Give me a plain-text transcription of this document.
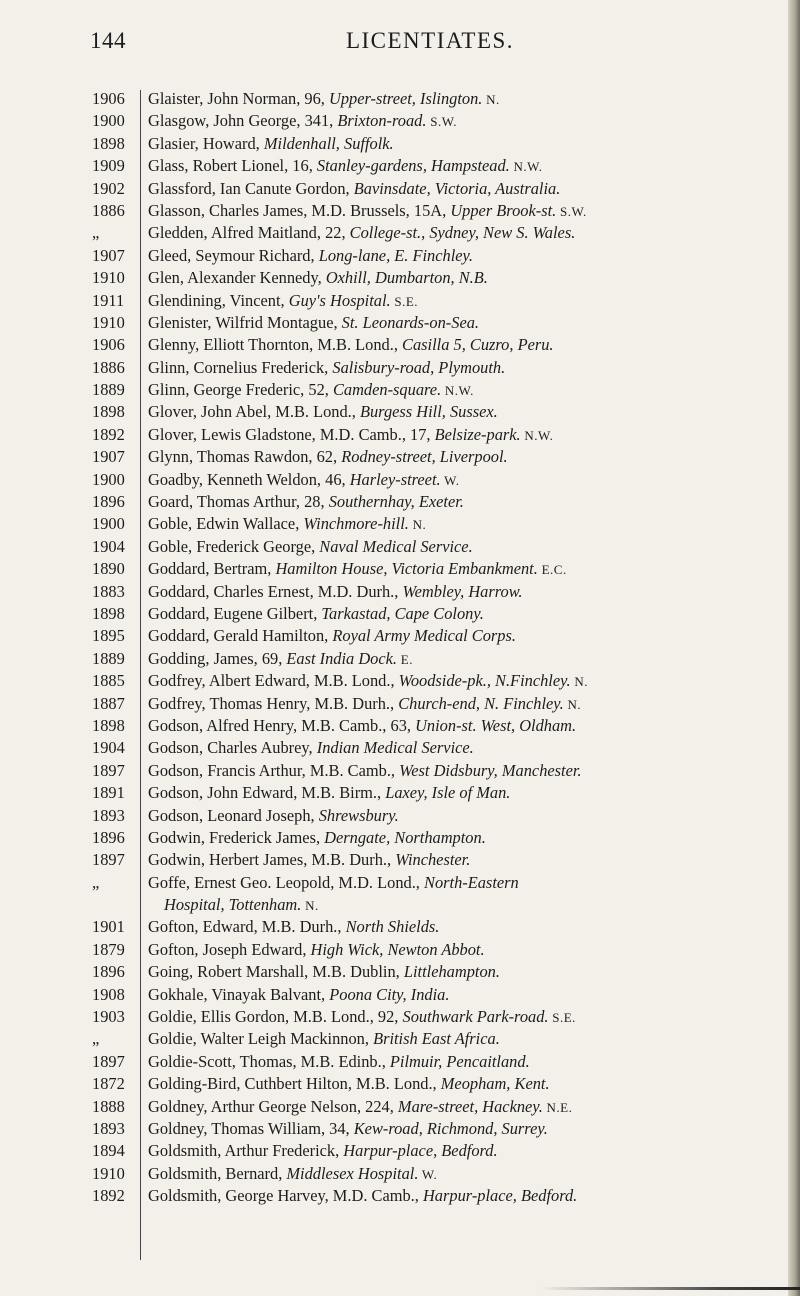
144	LICENTIATES.
1906	Glaister, John Norman, 96, Upper-street, Islington. N.
1900	Glasgow, John George, 341, Brixton-road. S.W.
1898	Glasier, Howard, Mildenhall, Suffolk.
1909	Glass, Robert Lionel, 16, Stanley-gardens, Hampstead. N.W.
1902	Glassford, Ian Canute Gordon, Bavinsdate, Victoria, Australia.
1886	Glasson, Charles James, M.D. Brussels, 15A, Upper Brook-st. S.W.
„	Gledden, Alfred Maitland, 22, College-st., Sydney, New S. Wales.
1907	Gleed, Seymour Richard, Long-lane, E. Finchley.
1910	Glen, Alexander Kennedy, Oxhill, Dumbarton, N.B.
1911	Glendining, Vincent, Guy's Hospital. S.E.
1910	Glenister, Wilfrid Montague, St. Leonards-on-Sea.
1906	Glenny, Elliott Thornton, M.B. Lond., Casilla 5, Cuzro, Peru.
1886	Glinn, Cornelius Frederick, Salisbury-road, Plymouth.
1889	Glinn, George Frederic, 52, Camden-square. N.W.
1898	Glover, John Abel, M.B. Lond., Burgess Hill, Sussex.
1892	Glover, Lewis Gladstone, M.D. Camb., 17, Belsize-park. N.W.
1907	Glynn, Thomas Rawdon, 62, Rodney-street, Liverpool.
1900	Goadby, Kenneth Weldon, 46, Harley-street. W.
1896	Goard, Thomas Arthur, 28, Southernhay, Exeter.
1900	Goble, Edwin Wallace, Winchmore-hill. N.
1904	Goble, Frederick George, Naval Medical Service.
1890	Goddard, Bertram, Hamilton House, Victoria Embankment. E.C.
1883	Goddard, Charles Ernest, M.D. Durh., Wembley, Harrow.
1898	Goddard, Eugene Gilbert, Tarkastad, Cape Colony.
1895	Goddard, Gerald Hamilton, Royal Army Medical Corps.
1889	Godding, James, 69, East India Dock. E.
1885	Godfrey, Albert Edward, M.B. Lond., Woodside-pk., N.Finchley. N.
1887	Godfrey, Thomas Henry, M.B. Durh., Church-end, N. Finchley. N.
1898	Godson, Alfred Henry, M.B. Camb., 63, Union-st. West, Oldham.
1904	Godson, Charles Aubrey, Indian Medical Service.
1897	Godson, Francis Arthur, M.B. Camb., West Didsbury, Manchester.
1891	Godson, John Edward, M.B. Birm., Laxey, Isle of Man.
1893	Godson, Leonard Joseph, Shrewsbury.
1896	Godwin, Frederick James, Derngate, Northampton.
1897	Godwin, Herbert James, M.B. Durh., Winchester.
„	Goffe, Ernest Geo. Leopold, M.D. Lond., North-Eastern
Hospital, Tottenham. N.
1901	Gofton, Edward, M.B. Durh., North Shields.
1879	Gofton, Joseph Edward, High Wick, Newton Abbot.
1896	Going, Robert Marshall, M.B. Dublin, Littlehampton.
1908	Gokhale, Vinayak Balvant, Poona City, India.
1903	Goldie, Ellis Gordon, M.B. Lond., 92, Southwark Park-road. S.E.
„	Goldie, Walter Leigh Mackinnon, British East Africa.
1897	Goldie-Scott, Thomas, M.B. Edinb., Pilmuir, Pencaitland.
1872	Golding-Bird, Cuthbert Hilton, M.B. Lond., Meopham, Kent.
1888	Goldney, Arthur George Nelson, 224, Mare-street, Hackney. N.E.
1893	Goldney, Thomas William, 34, Kew-road, Richmond, Surrey.
1894	Goldsmith, Arthur Frederick, Harpur-place, Bedford.
1910	Goldsmith, Bernard, Middlesex Hospital. W.
1892	Goldsmith, George Harvey, M.D. Camb., Harpur-place, Bedford.
